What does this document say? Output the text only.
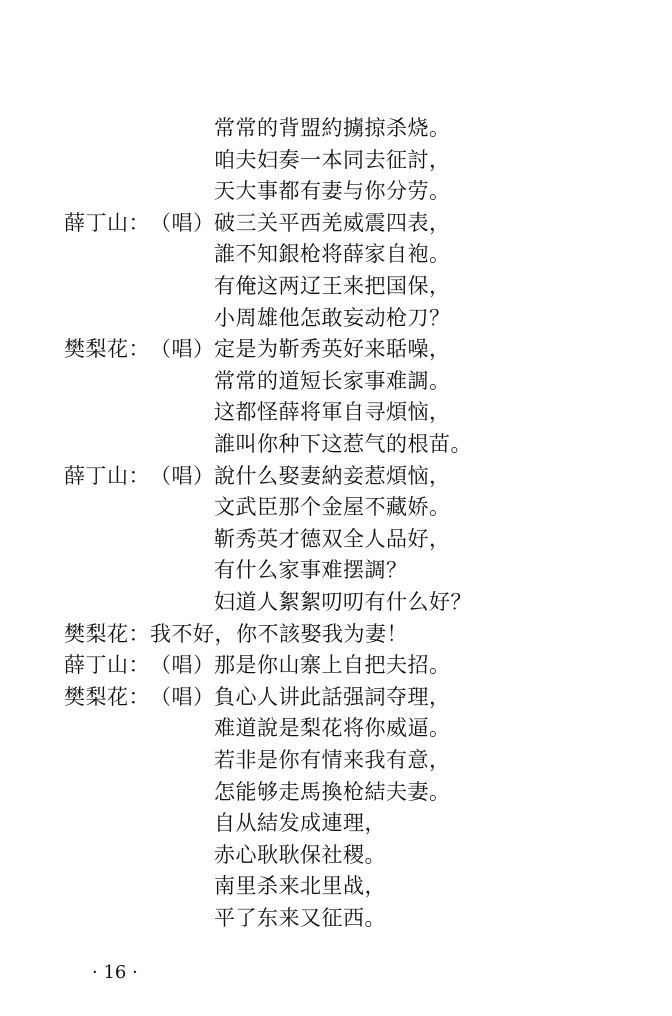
常常的背盟約擄掠杀烧。
咱夫妇奏一本同去征討，
天大事都有妻与你分劳。
薛丁山： （唱） 破三关平西羌威震四表，
誰不知銀枪将薛家自袍。
有俺这两辽王来把国保，
小周雄他怎敢妄动枪刀？
樊梨花： （唱） 定是为靳秀英好来聒噪，
常常的道短长家事难調。
这都怪薛将軍自寻煩恼，
誰叫你种下这惹气的根苗。
薛丁山： （唱） 說什么娶妻納妾惹煩恼，
文武臣那个金屋不藏娇。
靳秀英才德双全人品好，
有什么家事难摆調？
妇道人絮絮叨叨有什么好？
樊梨花： 我不好，你不該娶我为妻！
薛丁山： （唱） 那是你山寨上自把夫招。
樊梨花： （唱） 負心人讲此話强詞夺理，
难道說是梨花将你威逼。
若非是你有情来我有意，
怎能够走馬換枪結夫妻。
自从結发成連理，
赤心耿耿保社稷。
南里杀来北里战，
平了东来又征西。
· 16 ·
